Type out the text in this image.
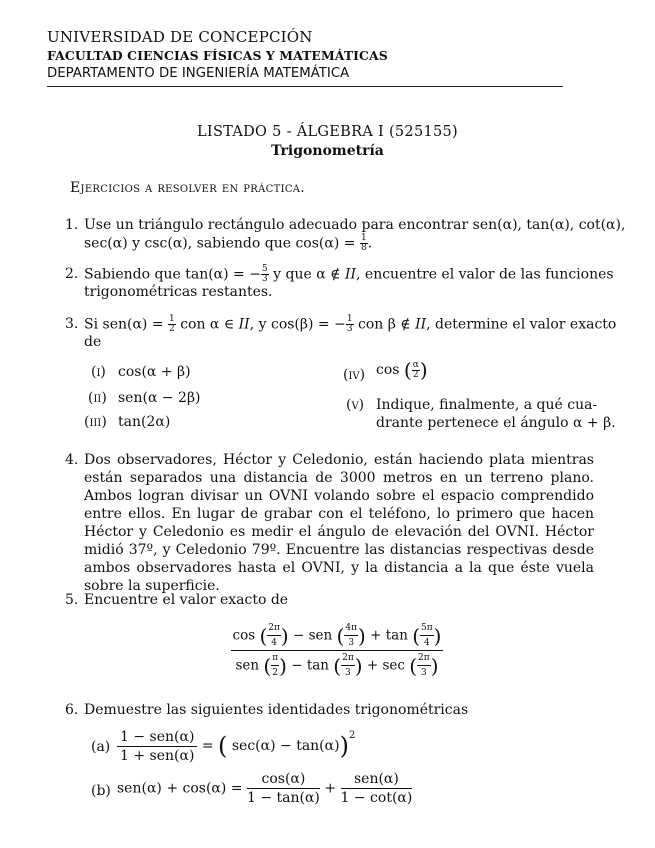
UNIVERSIDAD DE CONCEPCIÓN
FACULTAD CIENCIAS FÍSICAS Y MATEMÁTICAS
DEPARTAMENTO DE INGENIERÍA MATEMÁTICA
LISTADO 5 - ÁLGEBRA I (525155)
Trigonometría
Ejercicios a resolver en práctica.
1. Use un triángulo rectángulo adecuado para encontrar sen(α), tan(α), cot(α),
sec(α) y csc(α), sabiendo que $\cos(\alpha) = \frac{1}{8}$ .
2. Sabiendo que tan(α) = − $\frac{5}{3}$ y que α ∉ II, encuentre el valor de las funciones
trigonométricas restantes.
3. Si $sen(\alpha) = \frac{1}{2}$ con α ∈ II, y cos(β) = − $\frac{1}{3}$ con β ∉ II, determine el valor exacto
de
(i) cos(α + β)
(ii) sen(α − 2β)
(iii) tan(2α)
(iv) cos ( $\frac{\alpha}{2}$ )
(v) Indique, finalmente, a qué cua-
drante pertenece el ángulo α + β.
4. Dos observadores, Héctor y Celedonio, están haciendo plata mientras están separados una distancia de 3000 metros en un terreno plano. Ambos logran divisar un OVNI volando sobre el espacio comprendido entre ellos. En lugar de grabar con el teléfono, lo primero que hacen Héctor y Celedonio es medir el ángulo de elevación del OVNI. Héctor midió 37º, y Celedonio 79º. Encuentre las distancias respectivas desde ambos observadores hasta el OVNI, y la distancia a la que éste vuela sobre la superficie.
5. Encuentre el valor exacto de
cos ( $\frac{2\pi}{4}$ ) − sen ( $\frac{4\pi}{3}$ ) + tan ( $\frac{5\pi}{4}$ )
sen ( $\frac{\pi}{2}$ ) − tan ( $\frac{2\pi}{3}$ ) + sec ( $\frac{2\pi}{3}$ )
6. Demuestre las siguientes identidades trigonométricas
(a)
1 − sen(α)
1 + sen(α)
= ( sec(α) − tan(α))$^2$
(b) $sen(\alpha) + \cos(\alpha) = \frac{\cos(\alpha)}{1 - \tan(\alpha)}$ +
sen(α)
1 − cot(α)
